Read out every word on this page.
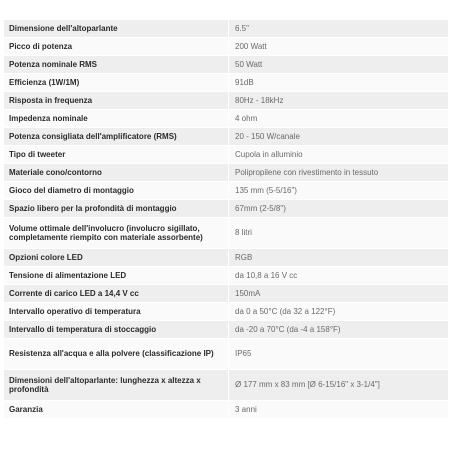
Dimensione dell'altoparlante		6.5"
Picco di potenza		200 Watt
Potenza nominale RMS		50 Watt
Efficienza (1W/1M)		91dB
Risposta in frequenza		80Hz - 18kHz
Impedenza nominale		4 ohm
Potenza consigliata dell'amplificatore (RMS)		20 - 150 W/canale
Tipo di tweeter		Cupola in alluminio
Materiale cono/contorno		Polipropilene con rivestimento in tessuto
Gioco del diametro di montaggio		135 mm (5-5/16")
Spazio libero per la profondità di montaggio		67mm (2-5/8")
Volume ottimale dell'involucro (involucro sigillato, completamente riempito con materiale assorbente)		8 litri
Opzioni colore LED		RGB
Tensione di alimentazione LED		da 10,8 a 16 V cc
Corrente di carico LED a 14,4 V cc		150mA
Intervallo operativo di temperatura		da 0 a 50°C (da 32 a 122°F)
Intervallo di temperatura di stoccaggio		da -20 a 70°C (da -4 a 158°F)
Resistenza all'acqua e alla polvere (classificazione IP)		IP65
Dimensioni dell'altoparlante: lunghezza x altezza x profondità		Ø 177 mm x 83 mm [Ø 6-15/16" x 3-1/4"]
Garanzia		3 anni
